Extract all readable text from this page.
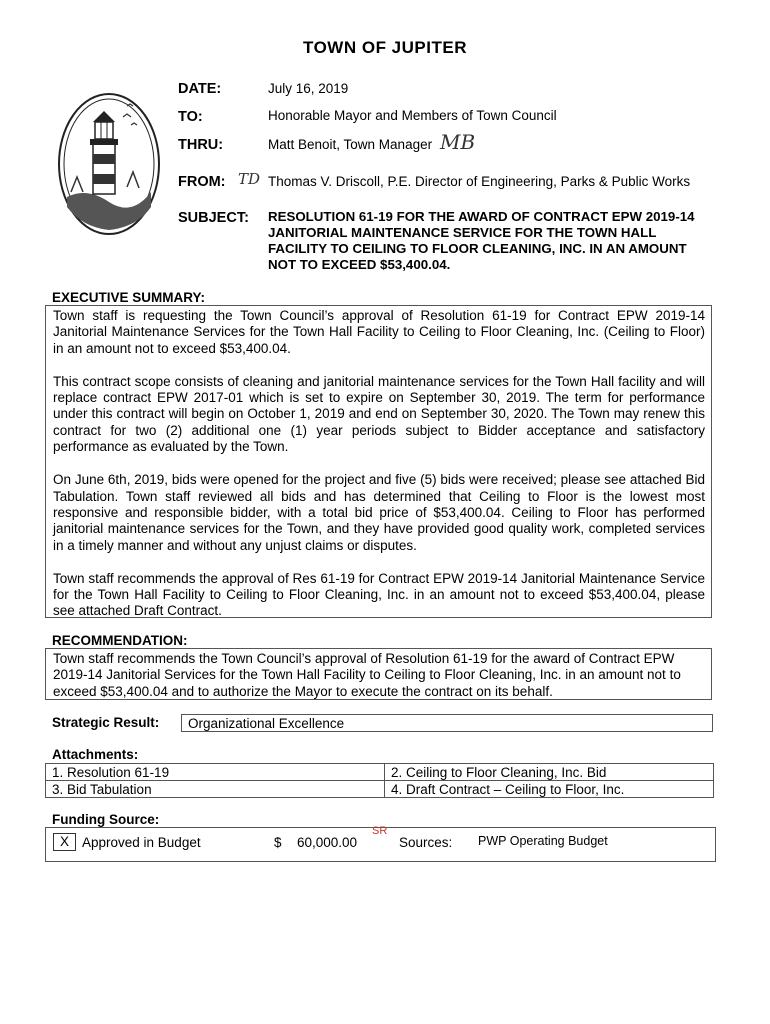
TOWN OF JUPITER
DATE:	July 16, 2019
TO:	Honorable Mayor and Members of Town Council
THRU:	Matt Benoit, Town Manager MB
FROM: TD Thomas V. Driscoll, P.E. Director of Engineering, Parks & Public Works
SUBJECT: RESOLUTION 61-19 FOR THE AWARD OF CONTRACT EPW 2019-14 JANITORIAL MAINTENANCE SERVICE FOR THE TOWN HALL FACILITY TO CEILING TO FLOOR CLEANING, INC. IN AN AMOUNT NOT TO EXCEED $53,400.04.
EXECUTIVE SUMMARY:

Town staff is requesting the Town Council’s approval of Resolution 61-19 for Contract EPW 2019-14 Janitorial Maintenance Services for the Town Hall Facility to Ceiling to Floor Cleaning, Inc. (Ceiling to Floor) in an amount not to exceed $53,400.04.

This contract scope consists of cleaning and janitorial maintenance services for the Town Hall facility and will replace contract EPW 2017-01 which is set to expire on September 30, 2019. The term for performance under this contract will begin on October 1, 2019 and end on September 30, 2020. The Town may renew this contract for two (2) additional one (1) year periods subject to Bidder acceptance and satisfactory performance as evaluated by the Town.

On June 6th, 2019, bids were opened for the project and five (5) bids were received; please see attached Bid Tabulation. Town staff reviewed all bids and has determined that Ceiling to Floor is the lowest most responsive and responsible bidder, with a total bid price of $53,400.04. Ceiling to Floor has performed janitorial maintenance services for the Town, and they have provided good quality work, completed services in a timely manner and without any unjust claims or disputes.

Town staff recommends the approval of Res 61-19 for Contract EPW 2019-14 Janitorial Maintenance Service for the Town Hall Facility to Ceiling to Floor Cleaning, Inc. in an amount not to exceed $53,400.04, please see attached Draft Contract.

RECOMMENDATION:

Town staff recommends the Town Council’s approval of Resolution 61-19 for the award of Contract EPW 2019-14 Janitorial Services for the Town Hall Facility to Ceiling to Floor Cleaning, Inc. in an amount not to exceed $53,400.04 and to authorize the Mayor to execute the contract on its behalf.

Strategic Result:	Organizational Excellence
Attachments:
1. Resolution 61-19	2. Ceiling to Floor Cleaning, Inc. Bid
3. Bid Tabulation	4. Draft Contract – Ceiling to Floor, Inc.
Funding Source:
X Approved in Budget	$ 60,000.00
SR
Sources: PWP Operating Budget
